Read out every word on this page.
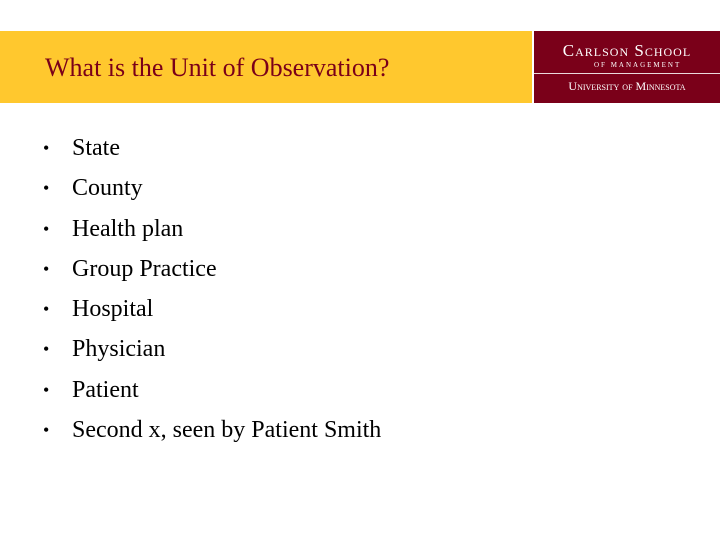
What is the Unit of Observation?
Carlson School
OF MANAGEMENT
University of Minnesota
• State
• County
• Health plan
• Group Practice
• Hospital
• Physician
• Patient
• Second x, seen by Patient Smith
